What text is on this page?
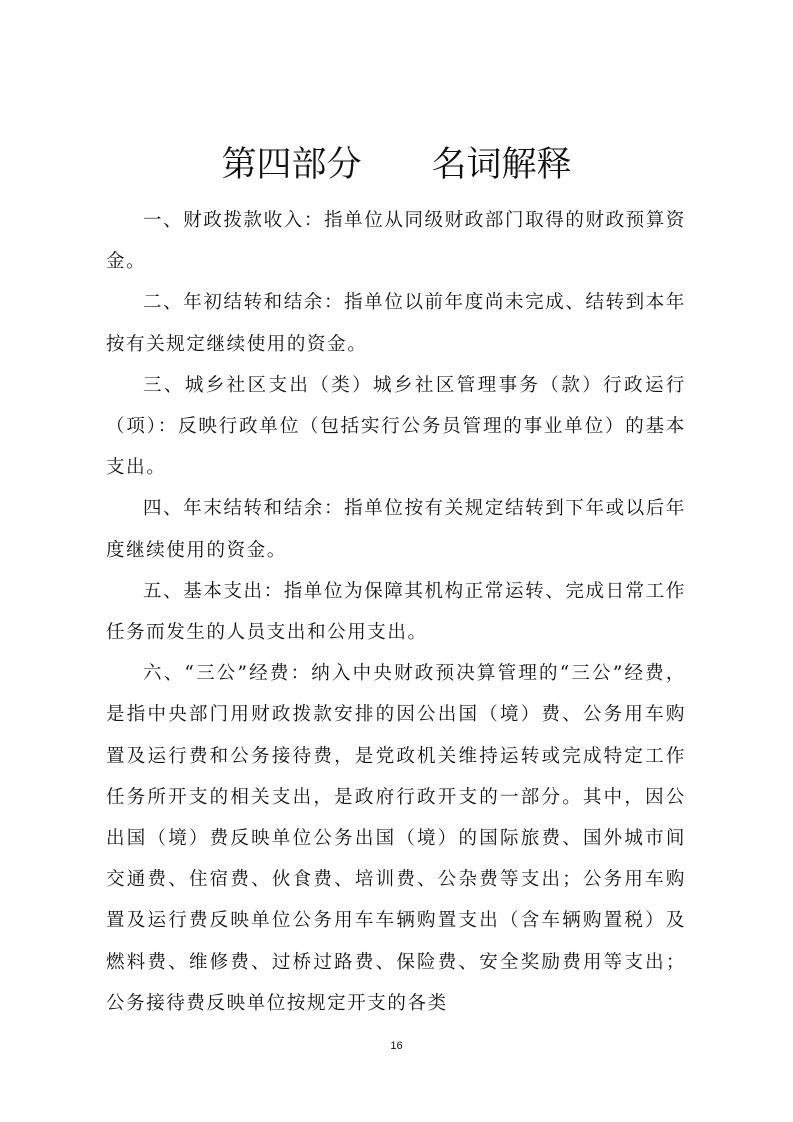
第四部分　　名词解释

一、财政拨款收入：指单位从同级财政部门取得的财政预算资金。

二、年初结转和结余：指单位以前年度尚未完成、结转到本年按有关规定继续使用的资金。

三、城乡社区支出（类）城乡社区管理事务（款）行政运行（项）：反映行政单位（包括实行公务员管理的事业单位）的基本支出。

四、年末结转和结余：指单位按有关规定结转到下年或以后年度继续使用的资金。

五、基本支出：指单位为保障其机构正常运转、完成日常工作任务而发生的人员支出和公用支出。

六、“三公”经费：纳入中央财政预决算管理的“三公”经费，是指中央部门用财政拨款安排的因公出国（境）费、公务用车购置及运行费和公务接待费，是党政机关维持运转或完成特定工作任务所开支的相关支出，是政府行政开支的一部分。其中，因公出国（境）费反映单位公务出国（境）的国际旅费、国外城市间交通费、住宿费、伙食费、培训费、公杂费等支出；公务用车购置及运行费反映单位公务用车车辆购置支出（含车辆购置税）及燃料费、维修费、过桥过路费、保险费、安全奖励费用等支出；公务接待费反映单位按规定开支的各类

16
